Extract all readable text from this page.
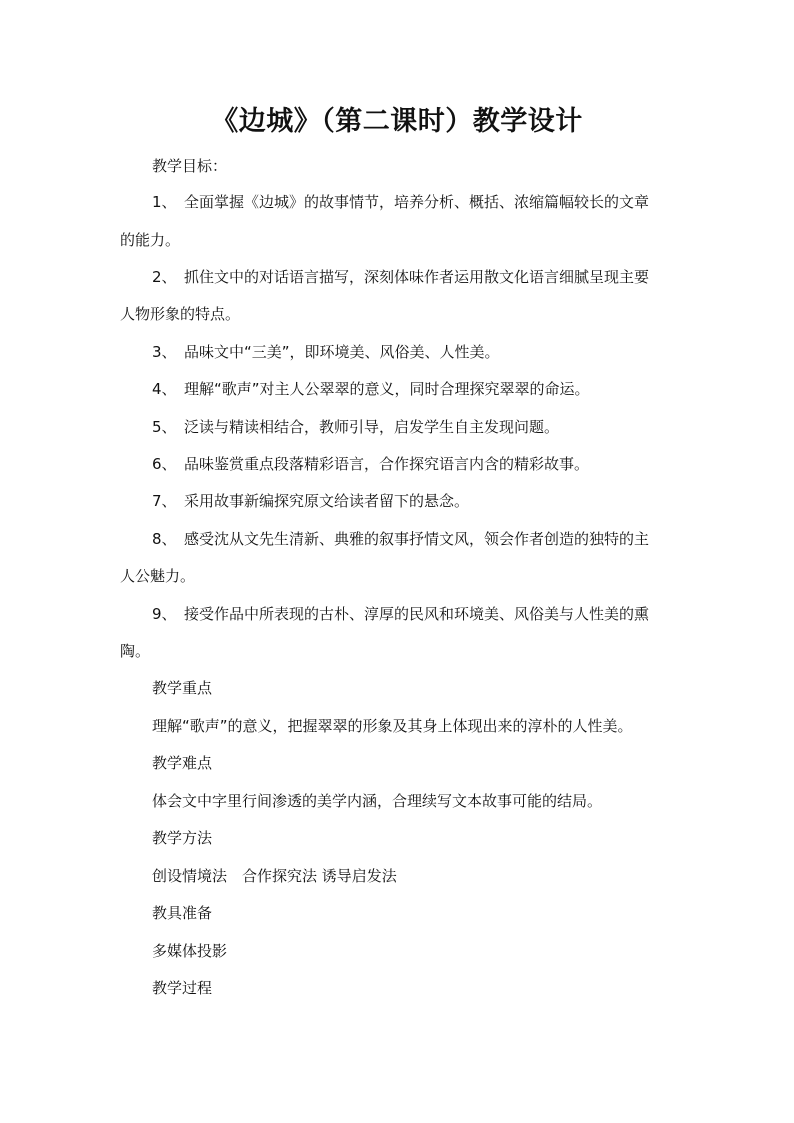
《边城》（第二课时）教学设计
教学目标：
1、 全面掌握《边城》的故事情节，培养分析、概括、浓缩篇幅较长的文章
的能力。
2、 抓住文中的对话语言描写，深刻体味作者运用散文化语言细腻呈现主要
人物形象的特点。
3、 品味文中“三美”，即环境美、风俗美、人性美。
4、 理解“歌声”对主人公翠翠的意义，同时合理探究翠翠的命运。
5、 泛读与精读相结合，教师引导，启发学生自主发现问题。
6、 品味鉴赏重点段落精彩语言，合作探究语言内含的精彩故事。
7、 采用故事新编探究原文给读者留下的悬念。
8、 感受沈从文先生清新、典雅的叙事抒情文风，领会作者创造的独特的主
人公魅力。
9、 接受作品中所表现的古朴、淳厚的民风和环境美、风俗美与人性美的熏
陶。
教学重点
理解“歌声”的意义，把握翠翠的形象及其身上体现出来的淳朴的人性美。
教学难点
体会文中字里行间渗透的美学内涵，合理续写文本故事可能的结局。
教学方法
创设情境法　合作探究法 诱导启发法
教具准备
多媒体投影
教学过程
